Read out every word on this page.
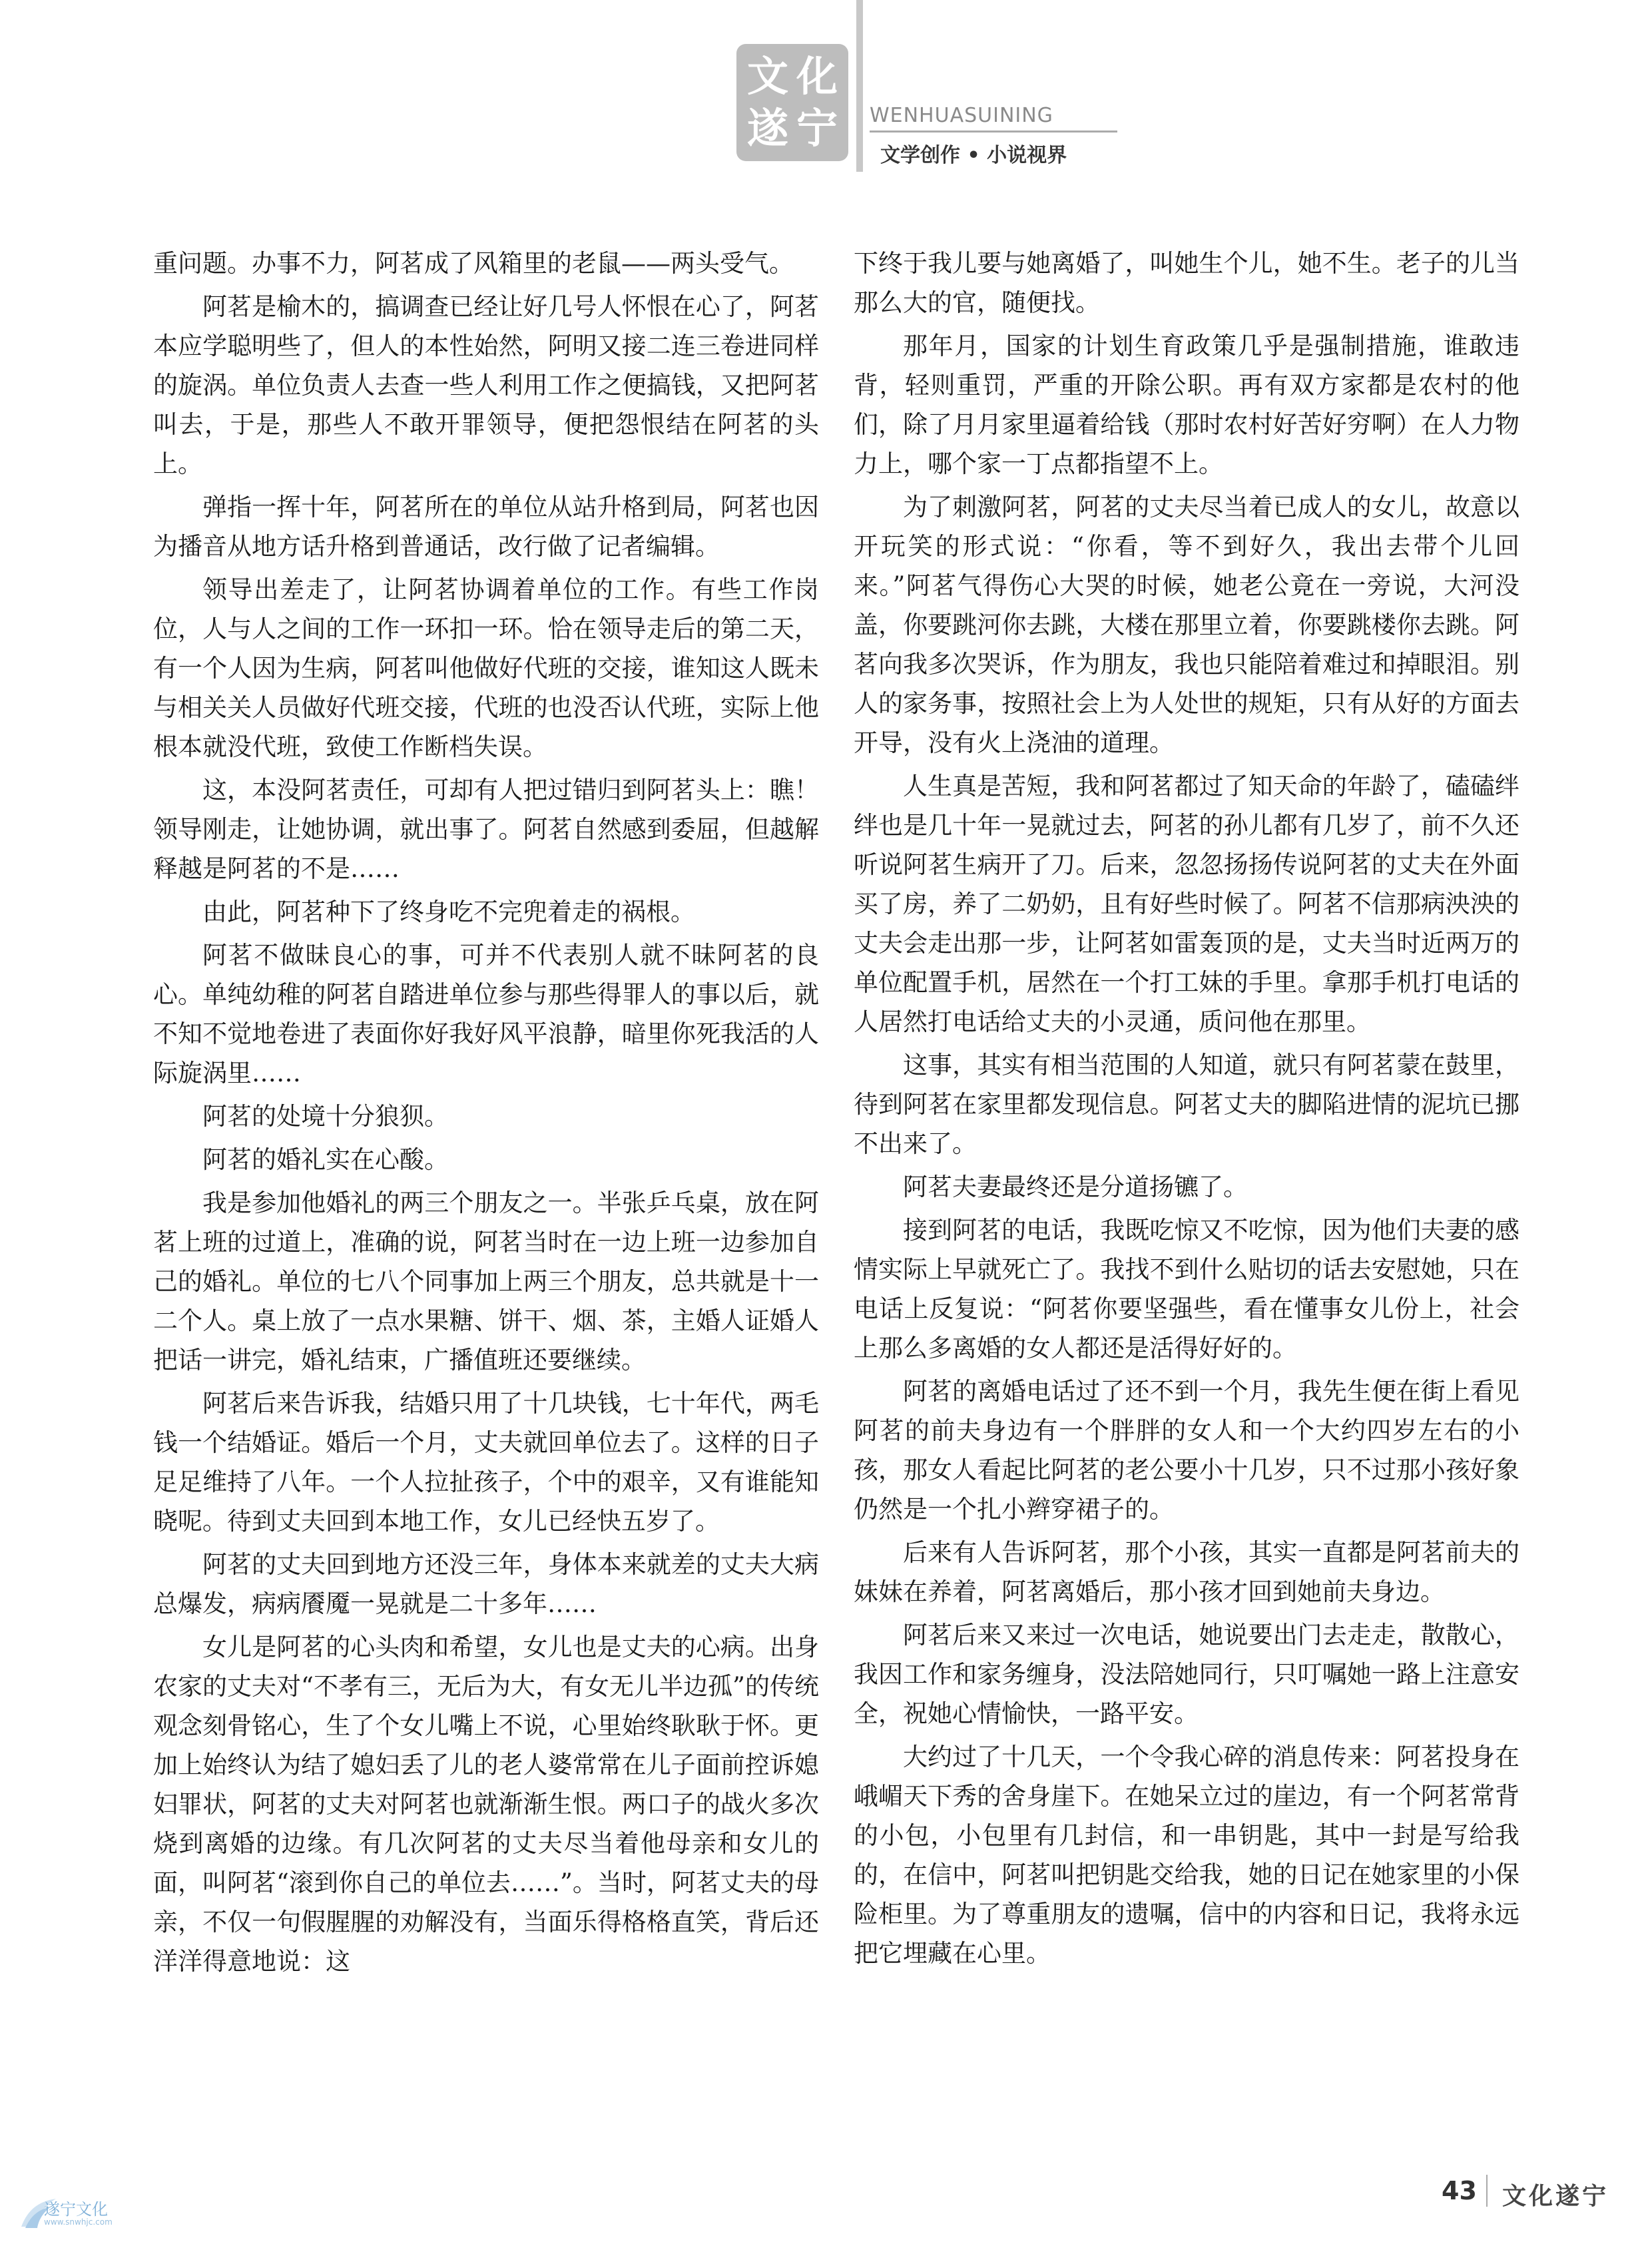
文 化
遂 宁 WENHUASUINING
文学创作 • 小说视界

重问题。办事不力，阿茗成了风箱里的老鼠——两头受气。

阿茗是榆木的，搞调查已经让好几号人怀恨在心了，阿茗本应学聪明些了，但人的本性始然，阿明又接二连三卷进同样的旋涡。单位负责人去查一些人利用工作之便搞钱，又把阿茗叫去，于是，那些人不敢开罪领导，便把怨恨结在阿茗的头上。

弹指一挥十年，阿茗所在的单位从站升格到局，阿茗也因为播音从地方话升格到普通话，改行做了记者编辑。

领导出差走了，让阿茗协调着单位的工作。有些工作岗位，人与人之间的工作一环扣一环。恰在领导走后的第二天，有一个人因为生病，阿茗叫他做好代班的交接，谁知这人既未与相关关人员做好代班交接，代班的也没否认代班，实际上他根本就没代班，致使工作断档失误。

这，本没阿茗责任，可却有人把过错归到阿茗头上：瞧！领导刚走，让她协调，就出事了。阿茗自然感到委屈，但越解释越是阿茗的不是……

由此，阿茗种下了终身吃不完兜着走的祸根。

阿茗不做昧良心的事，可并不代表别人就不昧阿茗的良心。单纯幼稚的阿茗自踏进单位参与那些得罪人的事以后，就不知不觉地卷进了表面你好我好风平浪静，暗里你死我活的人际旋涡里……

阿茗的处境十分狼狈。

阿茗的婚礼实在心酸。

我是参加他婚礼的两三个朋友之一。半张乒乓桌，放在阿茗上班的过道上，准确的说，阿茗当时在一边上班一边参加自己的婚礼。单位的七八个同事加上两三个朋友，总共就是十一二个人。桌上放了一点水果糖、饼干、烟、茶，主婚人证婚人把话一讲完，婚礼结束，广播值班还要继续。

阿茗后来告诉我，结婚只用了十几块钱，七十年代，两毛钱一个结婚证。婚后一个月，丈夫就回单位去了。这样的日子足足维持了八年。一个人拉扯孩子，个中的艰辛，又有谁能知晓呢。待到丈夫回到本地工作，女儿已经快五岁了。

阿茗的丈夫回到地方还没三年，身体本来就差的丈夫大病总爆发，病病餍魇一晃就是二十多年……

女儿是阿茗的心头肉和希望，女儿也是丈夫的心病。出身农家的丈夫对“不孝有三，无后为大，有女无儿半边孤”的传统观念刻骨铭心，生了个女儿嘴上不说，心里始终耿耿于怀。更加上始终认为结了媳妇丢了儿的老人婆常常在儿子面前控诉媳妇罪状，阿茗的丈夫对阿茗也就渐渐生恨。两口子的战火多次烧到离婚的边缘。有几次阿茗的丈夫尽当着他母亲和女儿的面，叫阿茗“滚到你自己的单位去……”。当时，阿茗丈夫的母亲，不仅一句假腥腥的劝解没有，当面乐得格格直笑，背后还洋洋得意地说：这

下终于我儿要与她离婚了，叫她生个儿，她不生。老子的儿当那么大的官，随便找。

那年月，国家的计划生育政策几乎是强制措施，谁敢违背，轻则重罚，严重的开除公职。再有双方家都是农村的他们，除了月月家里逼着给钱（那时农村好苦好穷啊）在人力物力上，哪个家一丁点都指望不上。

为了刺激阿茗，阿茗的丈夫尽当着已成人的女儿，故意以开玩笑的形式说：“你看，等不到好久，我出去带个儿回来。”阿茗气得伤心大哭的时候，她老公竟在一旁说，大河没盖，你要跳河你去跳，大楼在那里立着，你要跳楼你去跳。阿茗向我多次哭诉，作为朋友，我也只能陪着难过和掉眼泪。别人的家务事，按照社会上为人处世的规矩，只有从好的方面去开导，没有火上浇油的道理。

人生真是苦短，我和阿茗都过了知天命的年龄了，磕磕绊绊也是几十年一晃就过去，阿茗的孙儿都有几岁了，前不久还听说阿茗生病开了刀。后来，忽忽扬扬传说阿茗的丈夫在外面买了房，养了二奶奶，且有好些时候了。阿茗不信那病泱泱的丈夫会走出那一步，让阿茗如雷轰顶的是，丈夫当时近两万的单位配置手机，居然在一个打工妹的手里。拿那手机打电话的人居然打电话给丈夫的小灵通，质问他在那里。

这事，其实有相当范围的人知道，就只有阿茗蒙在鼓里，待到阿茗在家里都发现信息。阿茗丈夫的脚陷进情的泥坑已挪不出来了。

阿茗夫妻最终还是分道扬镳了。

接到阿茗的电话，我既吃惊又不吃惊，因为他们夫妻的感情实际上早就死亡了。我找不到什么贴切的话去安慰她，只在电话上反复说：“阿茗你要坚强些，看在懂事女儿份上，社会上那么多离婚的女人都还是活得好好的。

阿茗的离婚电话过了还不到一个月，我先生便在街上看见阿茗的前夫身边有一个胖胖的女人和一个大约四岁左右的小孩，那女人看起比阿茗的老公要小十几岁，只不过那小孩好象仍然是一个扎小辫穿裙子的。

后来有人告诉阿茗，那个小孩，其实一直都是阿茗前夫的妹妹在养着，阿茗离婚后，那小孩才回到她前夫身边。

阿茗后来又来过一次电话，她说要出门去走走，散散心，我因工作和家务缠身，没法陪她同行，只叮嘱她一路上注意安全，祝她心情愉快，一路平安。

大约过了十几天，一个令我心碎的消息传来：阿茗投身在峨嵋天下秀的舍身崖下。在她呆立过的崖边，有一个阿茗常背的小包，小包里有几封信，和一串钥匙，其中一封是写给我的，在信中，阿茗叫把钥匙交给我，她的日记在她家里的小保险柜里。为了尊重朋友的遗嘱，信中的内容和日记，我将永远把它埋藏在心里。

43 文化遂宁
遂宁文化
www.snwhjc.com
